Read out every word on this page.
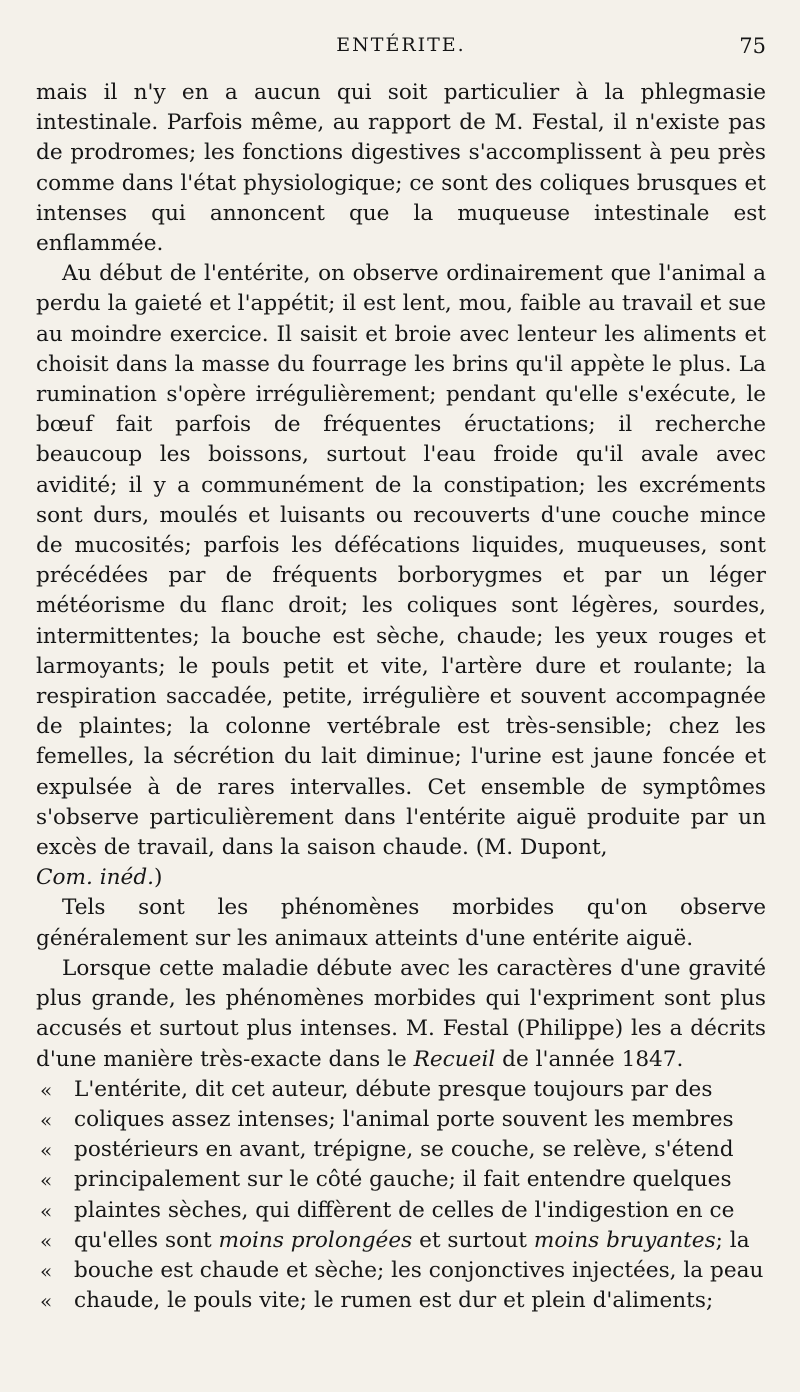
ENTÉRITE.	75

mais il n'y en a aucun qui soit particulier à la phlegmasie intestinale. Parfois même, au rapport de M. Festal, il n'existe pas de prodromes; les fonctions digestives s'accomplissent à peu près comme dans l'état physiologique; ce sont des coliques brusques et intenses qui annoncent que la muqueuse intestinale est enflammée.

Au début de l'entérite, on observe ordinairement que l'animal a perdu la gaieté et l'appétit; il est lent, mou, faible au travail et sue au moindre exercice. Il saisit et broie avec lenteur les aliments et choisit dans la masse du fourrage les brins qu'il appète le plus. La rumination s'opère irrégulièrement; pendant qu'elle s'exécute, le bœuf fait parfois de fréquentes éructations; il recherche beaucoup les boissons, surtout l'eau froide qu'il avale avec avidité; il y a communément de la constipation; les excréments sont durs, moulés et luisants ou recouverts d'une couche mince de mucosités; parfois les défécations liquides, muqueuses, sont précédées par de fréquents borborygmes et par un léger météorisme du flanc droit; les coliques sont légères, sourdes, intermittentes; la bouche est sèche, chaude; les yeux rouges et larmoyants; le pouls petit et vite, l'artère dure et roulante; la respiration saccadée, petite, irrégulière et souvent accompagnée de plaintes; la colonne vertébrale est très-sensible; chez les femelles, la sécrétion du lait diminue; l'urine est jaune foncée et expulsée à de rares intervalles. Cet ensemble de symptômes s'observe particulièrement dans l'entérite aiguë produite par un excès de travail, dans la saison chaude. (M. Dupont,
Com. inéd.)

Tels sont les phénomènes morbides qu'on observe généralement sur les animaux atteints d'une entérite aiguë.

Lorsque cette maladie débute avec les caractères d'une gravité plus grande, les phénomènes morbides qui l'expriment sont plus accusés et surtout plus intenses. M. Festal (Philippe) les a décrits d'une manière très-exacte dans le Recueil de l'année 1847.

«	L'entérite, dit cet auteur, débute presque toujours par des

«	coliques assez intenses; l'animal porte souvent les membres

«	postérieurs en avant, trépigne, se couche, se relève, s'étend

«	principalement sur le côté gauche; il fait entendre quelques

«	plaintes sèches, qui diffèrent de celles de l'indigestion en ce

«	qu'elles sont moins prolongées et surtout moins bruyantes; la

«	bouche est chaude et sèche; les conjonctives injectées, la peau

«	chaude, le pouls vite; le rumen est dur et plein d'aliments;
